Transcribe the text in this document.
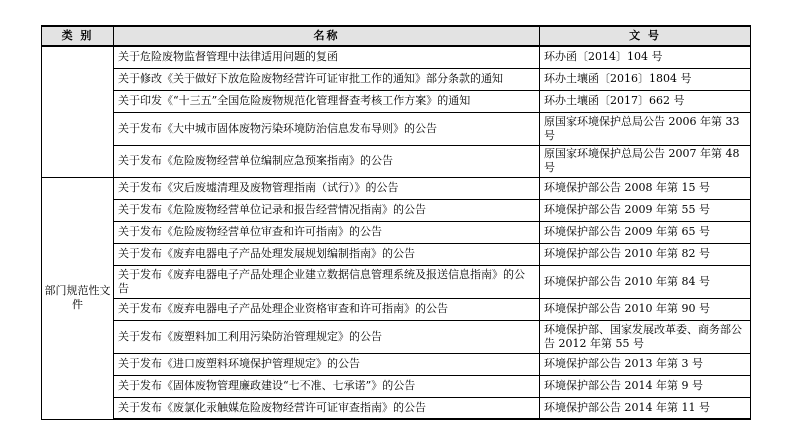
类 别	名称	文 号
	关于危险废物监督管理中法律适用问题的复函	环办函〔2014〕104 号
	关于修改《关于做好下放危险废物经营许可证审批工作的通知》部分条款的通知	环办土壤函〔2016〕1804 号
	关于印发《“十三五”全国危险废物规范化管理督查考核工作方案》的通知	环办土壤函〔2017〕662 号
	关于发布《大中城市固体废物污染环境防治信息发布导则》的公告	原国家环境保护总局公告 2006 年第 33 号
	关于发布《危险废物经营单位编制应急预案指南》的公告	原国家环境保护总局公告 2007 年第 48 号
部门规范性文件	关于发布《灾后废墟清理及废物管理指南（试行）》的公告	环境保护部公告 2008 年第 15 号
	关于发布《危险废物经营单位记录和报告经营情况指南》的公告	环境保护部公告 2009 年第 55 号
	关于发布《危险废物经营单位审查和许可指南》的公告	环境保护部公告 2009 年第 65 号
	关于发布《废弃电器电子产品处理发展规划编制指南》的公告	环境保护部公告 2010 年第 82 号
	关于发布《废弃电器电子产品处理企业建立数据信息管理系统及报送信息指南》的公告	环境保护部公告 2010 年第 84 号
	关于发布《废弃电器电子产品处理企业资格审查和许可指南》的公告	环境保护部公告 2010 年第 90 号
	关于发布《废塑料加工利用污染防治管理规定》的公告	环境保护部、国家发展改革委、商务部公告 2012 年第 55 号
	关于发布《进口废塑料环境保护管理规定》的公告	环境保护部公告 2013 年第 3 号
	关于发布《固体废物管理廉政建设“七不准、七承诺”》的公告	环境保护部公告 2014 年第 9 号
	关于发布《废氯化汞触媒危险废物经营许可证审查指南》的公告	环境保护部公告 2014 年第 11 号
